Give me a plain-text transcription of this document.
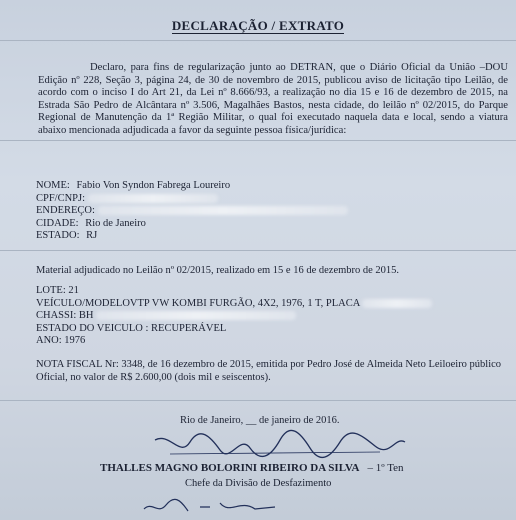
DECLARAÇÃO / EXTRATO

Declaro, para fins de regularização junto ao DETRAN, que o Diário Oficial da União –DOU Edição nº 228, Seção 3, página 24, de 30 de novembro de 2015, publicou aviso de licitação tipo Leilão, de acordo com o inciso I do Art 21, da Lei nº 8.666/93, a realização no dia 15 e 16 de dezembro de 2015, na Estrada São Pedro de Alcântara nº 3.506, Magalhães Bastos, nesta cidade, do leilão nº 02/2015, do Parque Regional de Manutenção da 1ª Região Militar, o qual foi executado naquela data e local, sendo a viatura abaixo mencionada adjudicada a favor da seguinte pessoa física/jurídica:

NOME: Fabio Von Syndon Fabrega Loureiro
CPF/CNPJ:
ENDEREÇO:
CIDADE: Rio de Janeiro
ESTADO: RJ
Material adjudicado no Leilão nº 02/2015, realizado em 15 e 16 de dezembro de 2015.
LOTE: 21
VEÍCULO/MODELOVTP VW KOMBI FURGÃO, 4X2, 1976, 1 T, PLACA
CHASSI: BH
ESTADO DO VEICULO : RECUPERÁVEL
ANO: 1976

NOTA FISCAL Nr: 3348, de 16 dezembro de 2015, emitida por Pedro José de Almeida Neto Leiloeiro público Oficial, no valor de R$ 2.600,00 (dois mil e seiscentos).

Rio de Janeiro, __ de janeiro de 2016.
THALLES MAGNO BOLORINI RIBEIRO DA SILVA – 1º Ten
Chefe da Divisão de Desfazimento
